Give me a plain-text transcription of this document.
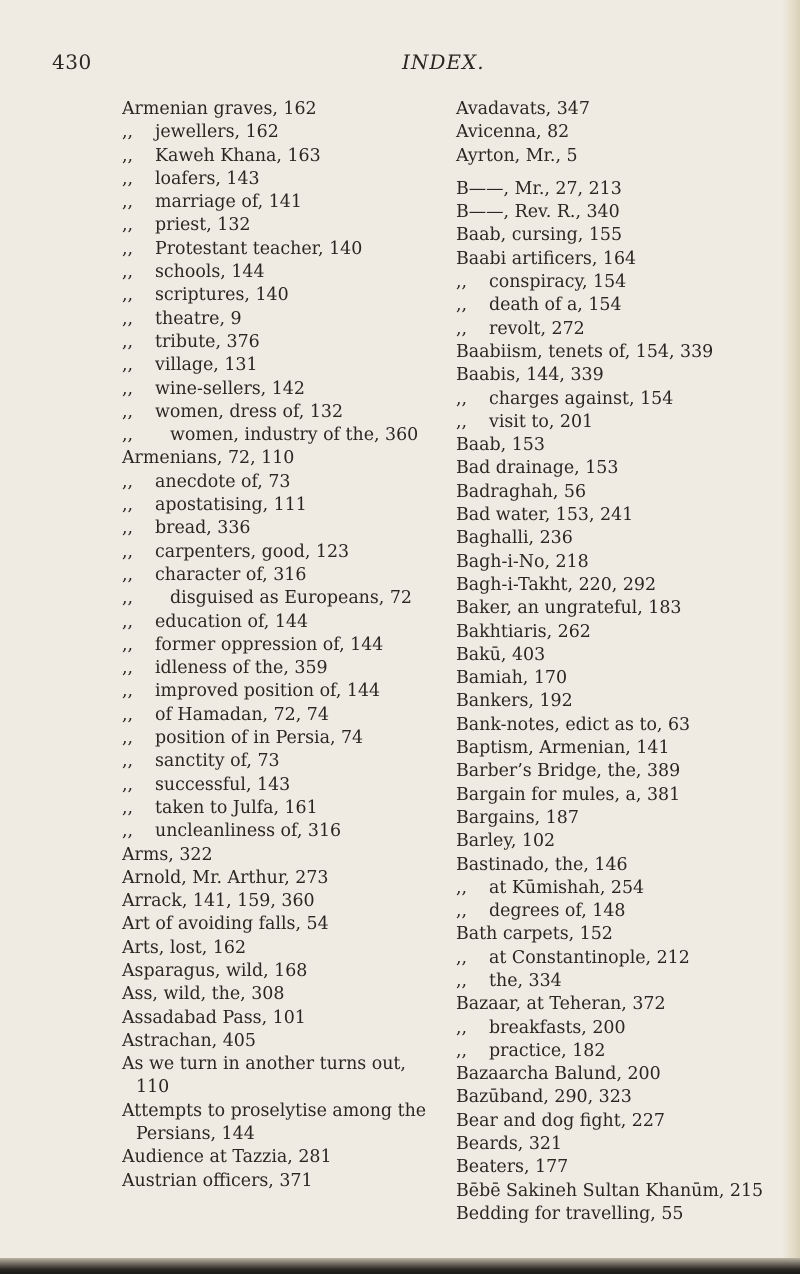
430	INDEX.
Armenian graves, 162
,, jewellers, 162
,, Kaweh Khana, 163
,, loafers, 143
,, marriage of, 141
,, priest, 132
,, Protestant teacher, 140
,, schools, 144
,, scriptures, 140
,, theatre, 9
,, tribute, 376
,, village, 131
,, wine-sellers, 142
,, women, dress of, 132
,, women, industry of the, 360
Armenians, 72, 110
,, anecdote of, 73
,, apostatising, 111
,, bread, 336
,, carpenters, good, 123
,, character of, 316
,, disguised as Europeans, 72
,, education of, 144
,, former oppression of, 144
,, idleness of the, 359
,, improved position of, 144
,, of Hamadan, 72, 74
,, position of in Persia, 74
,, sanctity of, 73
,, successful, 143
,, taken to Julfa, 161
,, uncleanliness of, 316
Arms, 322
Arnold, Mr. Arthur, 273
Arrack, 141, 159, 360
Art of avoiding falls, 54
Arts, lost, 162
Asparagus, wild, 168
Ass, wild, the, 308
Assadabad Pass, 101
Astrachan, 405
As we turn in another turns out, 110
Attempts to proselytise among the Persians, 144
Audience at Tazzia, 281
Austrian officers, 371
Avadavats, 347
Avicenna, 82
Ayrton, Mr., 5
B——, Mr., 27, 213
B——, Rev. R., 340
Baab, cursing, 155
Baabi artificers, 164
,, conspiracy, 154
,, death of a, 154
,, revolt, 272
Baabiism, tenets of, 154, 339
Baabis, 144, 339
,, charges against, 154
,, visit to, 201
Baab, 153
Bad drainage, 153
Badraghah, 56
Bad water, 153, 241
Baghalli, 236
Bagh-i-No, 218
Bagh-i-Takht, 220, 292
Baker, an ungrateful, 183
Bakhtiaris, 262
Bakū, 403
Bamiah, 170
Bankers, 192
Bank-notes, edict as to, 63
Baptism, Armenian, 141
Barber’s Bridge, the, 389
Bargain for mules, a, 381
Bargains, 187
Barley, 102
Bastinado, the, 146
,, at Kūmishah, 254
,, degrees of, 148
Bath carpets, 152
,, at Constantinople, 212
,, the, 334
Bazaar, at Teheran, 372
,, breakfasts, 200
,, practice, 182
Bazaarcha Balund, 200
Bazūband, 290, 323
Bear and dog fight, 227
Beards, 321
Beaters, 177
Bēbē Sakineh Sultan Khanūm, 215
Bedding for travelling, 55
